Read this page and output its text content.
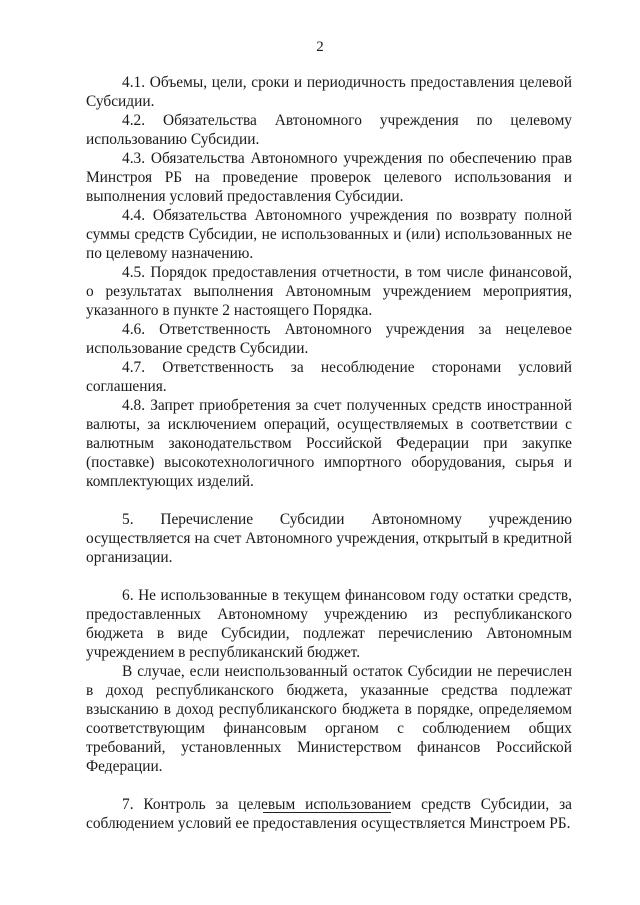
2

4.1. Объемы, цели, сроки и периодичность предоставления целевой Субсидии.

4.2. Обязательства Автономного учреждения по целевому использованию Субсидии.

4.3. Обязательства Автономного учреждения по обеспечению прав Минстроя РБ на проведение проверок целевого использования и выполнения условий предоставления Субсидии.

4.4. Обязательства Автономного учреждения по возврату полной суммы средств Субсидии, не использованных и (или) использованных не по целевому назначению.

4.5. Порядок предоставления отчетности, в том числе финансовой, о результатах выполнения Автономным учреждением мероприятия, указанного в пункте 2 настоящего Порядка.

4.6. Ответственность Автономного учреждения за нецелевое использование средств Субсидии.

4.7. Ответственность за несоблюдение сторонами условий соглашения.

4.8. Запрет приобретения за счет полученных средств иностранной валюты, за исключением операций, осуществляемых в соответствии с валютным законодательством Российской Федерации при закупке (поставке) высокотехнологичного импортного оборудования, сырья и комплектующих изделий.

5. Перечисление Субсидии Автономному учреждению осуществляется на счет Автономного учреждения, открытый в кредитной организации.

6. Не использованные в текущем финансовом году остатки средств, предоставленных Автономному учреждению из республиканского бюджета в виде Субсидии, подлежат перечислению Автономным учреждением в республиканский бюджет.

В случае, если неиспользованный остаток Субсидии не перечислен в доход республиканского бюджета, указанные средства подлежат взысканию в доход республиканского бюджета в порядке, определяемом соответствующим финансовым органом с соблюдением общих требований, установленных Министерством финансов Российской Федерации.

7. Контроль за целевым использованием средств Субсидии, за соблюдением условий ее предоставления осуществляется Минстроем РБ.
